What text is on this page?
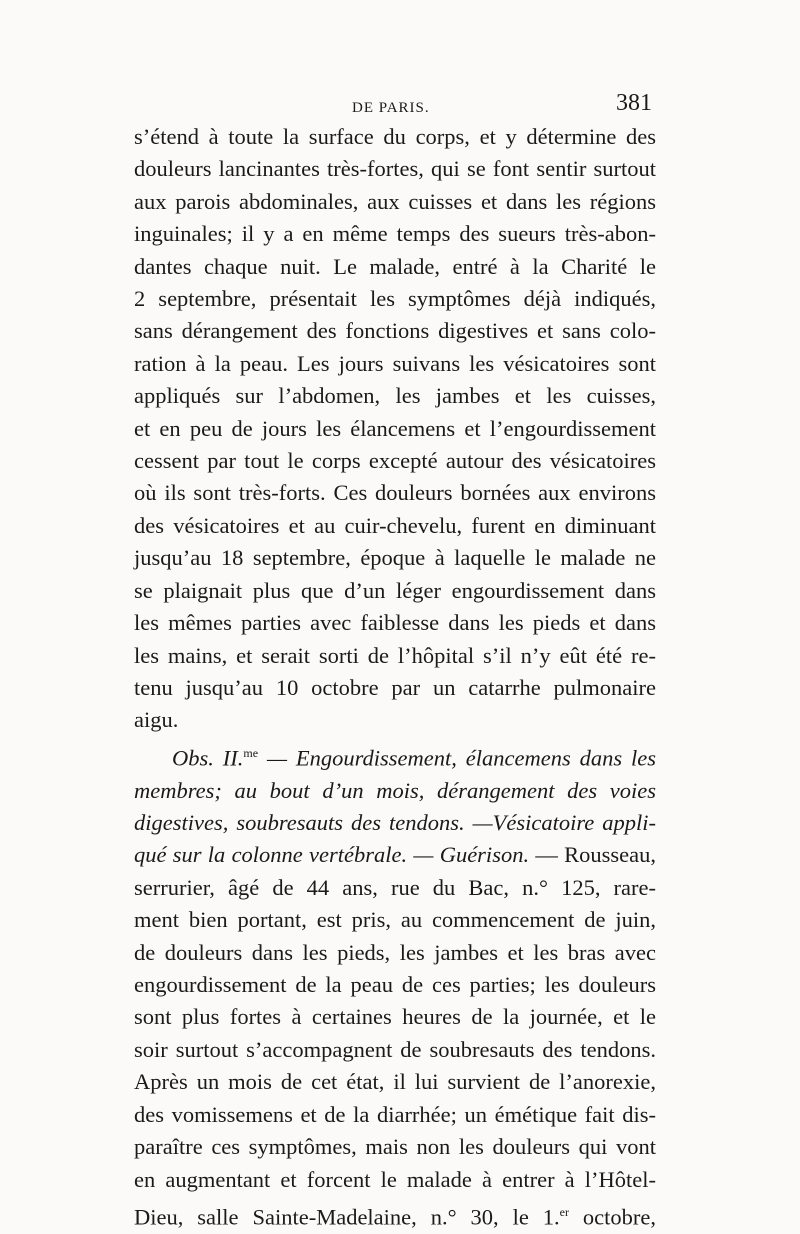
DE PARIS.	381
s’étend à toute la surface du corps, et y détermine des
douleurs lancinantes très-fortes, qui se font sentir surtout
aux parois abdominales, aux cuisses et dans les régions
inguinales; il y a en même temps des sueurs très-abon-
dantes chaque nuit. Le malade, entré à la Charité le
2 septembre, présentait les symptômes déjà indiqués,
sans dérangement des fonctions digestives et sans colo-
ration à la peau. Les jours suivans les vésicatoires sont
appliqués sur l’abdomen, les jambes et les cuisses,
et en peu de jours les élancemens et l’engourdissement
cessent par tout le corps excepté autour des vésicatoires
où ils sont très-forts. Ces douleurs bornées aux environs
des vésicatoires et au cuir-chevelu, furent en diminuant
jusqu’au 18 septembre, époque à laquelle le malade ne
se plaignait plus que d’un léger engourdissement dans
les mêmes parties avec faiblesse dans les pieds et dans
les mains, et serait sorti de l’hôpital s’il n’y eût été re-
tenu jusqu’au 10 octobre par un catarrhe pulmonaire
aigu.
Obs. II.$^{me}$ — Engourdissement, élancemens dans les
membres; au bout d’un mois, dérangement des voies
digestives, soubresauts des tendons. —Vésicatoire appli-
qué sur la colonne vertébrale. — Guérison. — Rousseau,
serrurier, âgé de 44 ans, rue du Bac, n.° 125, rare-
ment bien portant, est pris, au commencement de juin,
de douleurs dans les pieds, les jambes et les bras avec
engourdissement de la peau de ces parties; les douleurs
sont plus fortes à certaines heures de la journée, et le
soir surtout s’accompagnent de soubresauts des tendons.
Après un mois de cet état, il lui survient de l’anorexie,
des vomissemens et de la diarrhée; un émétique fait dis-
paraître ces symptômes, mais non les douleurs qui vont
en augmentant et forcent le malade à entrer à l’Hôtel-
Dieu, salle Sainte-Madelaine, n.° 30, le 1.$^{er}$ octobre,
